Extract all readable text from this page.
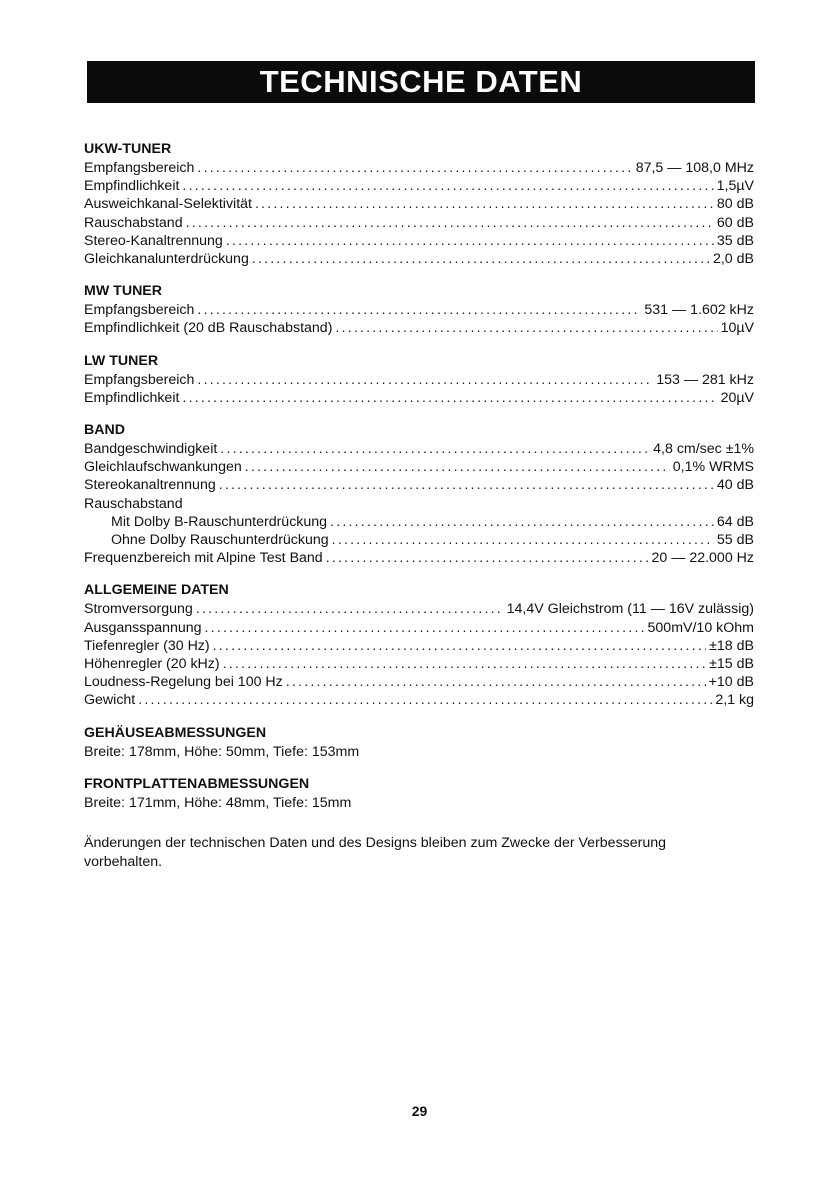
TECHNISCHE DATEN

UKW-TUNER

Empfangsbereich .....	87,5 — 108,0 MHz
Empfindlichkeit .....	1,5µV
Ausweichkanal-Selektivität .....	80 dB
Rauschabstand .....	60 dB
Stereo-Kanaltrennung .....	35 dB
Gleichkanalunterdrückung .....	2,0 dB

MW TUNER

Empfangsbereich .....	531 — 1.602 kHz
Empfindlichkeit (20 dB Rauschabstand) .....	10µV

LW TUNER

Empfangsbereich .....	153 — 281 kHz
Empfindlichkeit .....	20µV

BAND

Bandgeschwindigkeit .....	4,8 cm/sec ±1%
Gleichlaufschwankungen .....	0,1% WRMS
Stereokanaltrennung .....	40 dB

Rauschabstand

Mit Dolby B-Rauschunterdrückung .....	64 dB
Ohne Dolby Rauschunterdrückung .....	55 dB
Frequenzbereich mit Alpine Test Band .....	20 — 22.000 Hz

ALLGEMEINE DATEN

Stromversorgung .....	14,4V Gleichstrom (11 — 16V zulässig)
Ausgansspannung .....	500mV/10 kOhm
Tiefenregler (30 Hz) .....	±18 dB
Höhenregler (20 kHz) .....	±15 dB
Loudness-Regelung bei 100 Hz .....	+10 dB
Gewicht .....	2,1 kg

GEHÄUSEABMESSUNGEN

Breite: 178mm, Höhe: 50mm, Tiefe: 153mm

FRONTPLATTENABMESSUNGEN

Breite: 171mm, Höhe: 48mm, Tiefe: 15mm

Änderungen der technischen Daten und des Designs bleiben zum Zwecke der Verbesserung vorbehalten.

29
